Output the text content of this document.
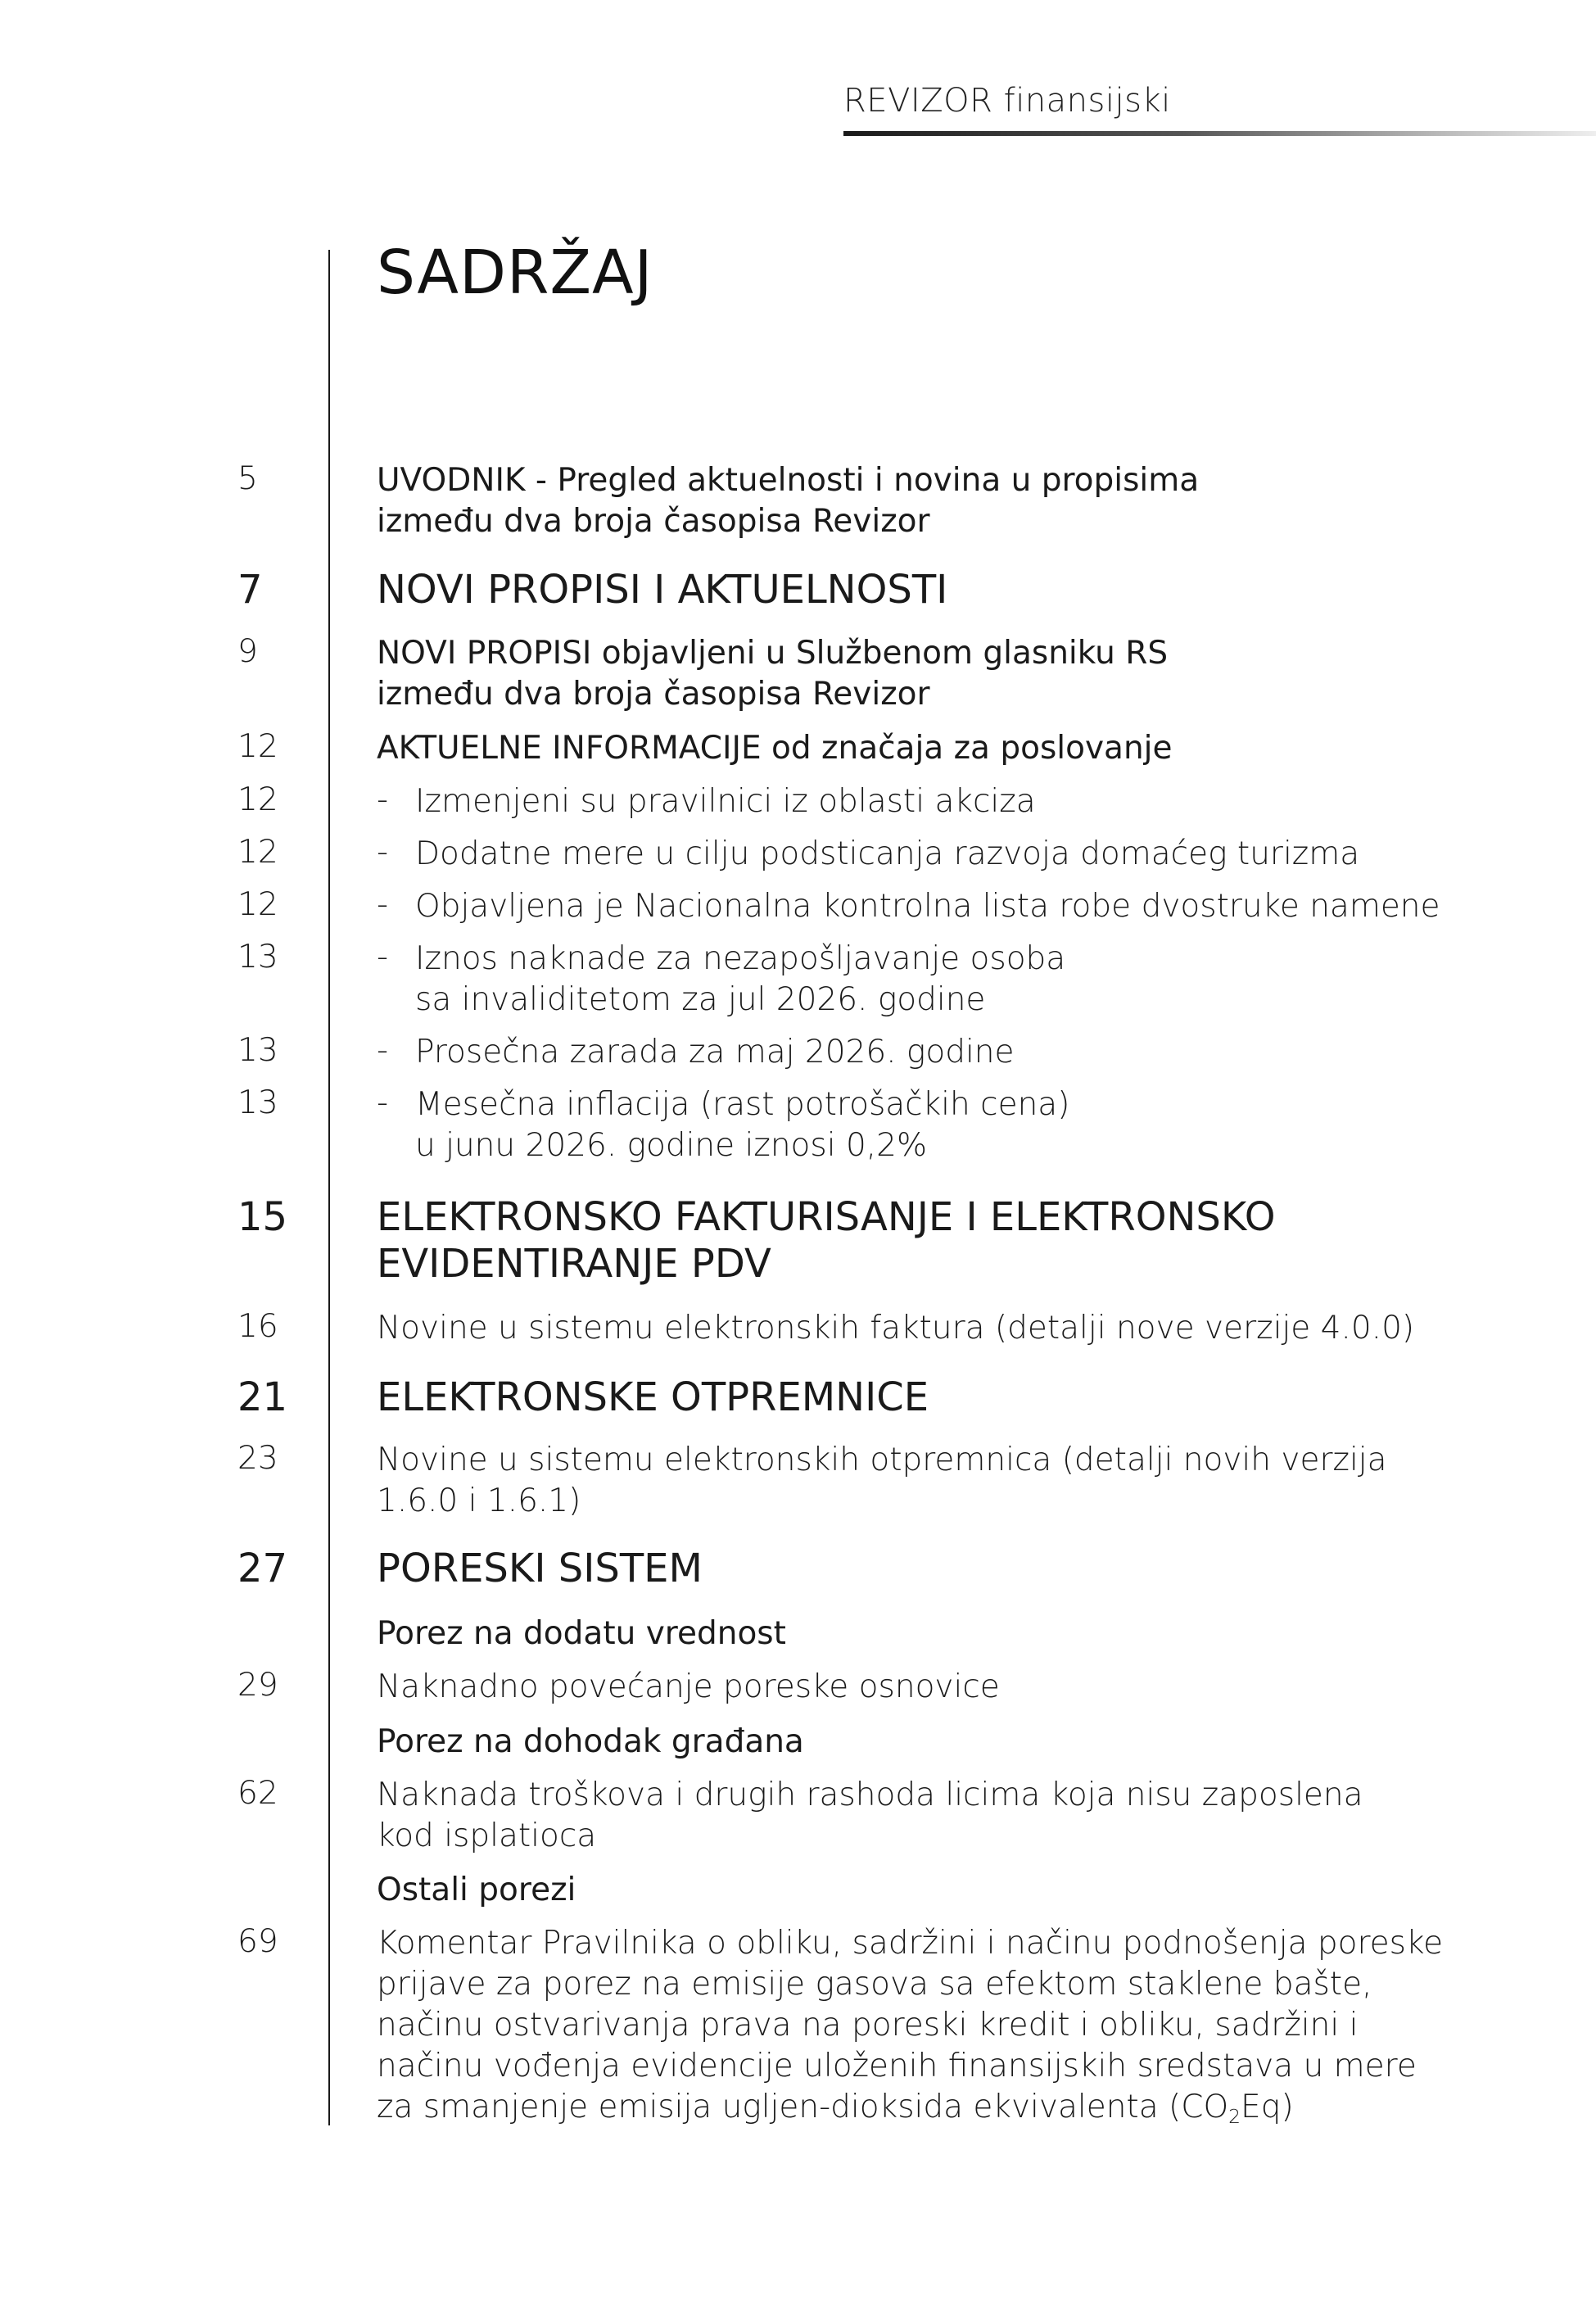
REVIZOR finansijski
SADRŽAJ
5	UVODNIK - Pregled aktuelnosti i novina u propisima
između dva broja časopisa Revizor
7	NOVI PROPISI I AKTUELNOSTI
9	NOVI PROPISI objavljeni u Službenom glasniku RS
između dva broja časopisa Revizor
12	AKTUELNE INFORMACIJE od značaja za poslovanje
12	- Izmenjeni su pravilnici iz oblasti akciza
12	- Dodatne mere u cilju podsticanja razvoja domaćeg turizma
12	- Objavljena je Nacionalna kontrolna lista robe dvostruke namene
13	- Iznos naknade za nezapošljavanje osoba
sa invaliditetom za jul 2026. godine
13	- Prosečna zarada za maj 2026. godine
13	- Mesečna inflacija (rast potrošačkih cena)
u junu 2026. godine iznosi 0,2%
15 ELEKTRONSKO FAKTURISANJE I ELEKTRONSKO
EVIDENTIRANJE PDV
16	Novine u sistemu elektronskih faktura (detalji nove verzije 4.0.0)
21 ELEKTRONSKE OTPREMNICE
23	Novine u sistemu elektronskih otpremnica (detalji novih verzija
1.6.0 i 1.6.1)
27 PORESKI SISTEM
Porez na dodatu vrednost
29	Naknadno povećanje poreske osnovice
Porez na dohodak građana
62	Naknada troškova i drugih rashoda licima koja nisu zaposlena
kod isplatioca
Ostali porezi
69	Komentar Pravilnika o obliku, sadržini i načinu podnošenja poreske
prijave za porez na emisije gasova sa efektom staklene bašte,
načinu ostvarivanja prava na poreski kredit i obliku, sadržini i
načinu vođenja evidencije uloženih finansijskih sredstava u mere
za smanjenje emisija ugljen-dioksida ekvivalenta $(CO_2Eq)$
